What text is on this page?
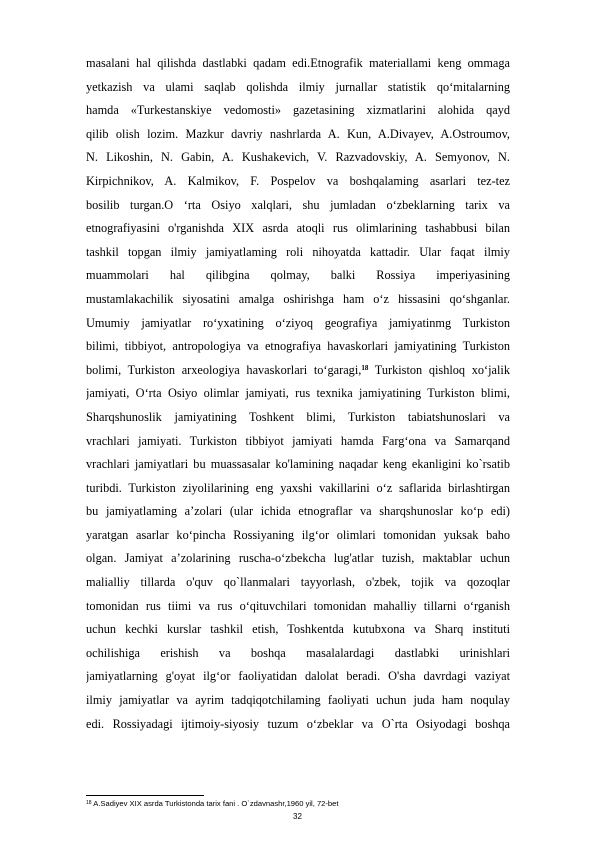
masalani hal qilishda dastlabki qadam edi.Etnografik materiallami keng ommaga
yetkazish va ulami saqlab qolishda ilmiy jurnallar statistik qo‘mitalarning
hamda «Turkestanskiye vedomosti» gazetasining xizmatlarini alohida qayd
qilib olish lozim. Mazkur davriy nashrlarda A. Kun, A.Divayev, A.Ostroumov,
N. Likoshin, N. Gabin, A. Kushakevich, V. Razvadovskiy, A. Semyonov, N.
Kirpichnikov, A. Kalmikov, F. Pospelov va boshqalaming asarlari tez-tez
bosilib turgan.O ‘rta Osiyo xalqlari, shu jumladan o‘zbeklarning tarix va
etnografiyasini o'rganishda XIX asrda atoqli rus olimlarining tashabbusi bilan
tashkil topgan ilmiy jamiyatlaming roli nihoyatda kattadir. Ular faqat ilmiy
muammolari hal qilibgina qolmay, balki Rossiya imperiyasining
mustamlakachilik siyosatini amalga oshirishga ham o‘z hissasini qo‘shganlar.
Umumiy jamiyatlar ro‘yxatining o‘ziyoq geografiya jamiyatinmg Turkiston
bilimi, tibbiyot, antropologiya va etnografiya havaskorlari jamiyatining Turkiston
bolimi, Turkiston arxeologiya havaskorlari to‘garagi,$^{18}$ Turkiston qishloq xo‘jalik
jamiyati, O‘rta Osiyo olimlar jamiyati, rus texnika jamiyatining Turkiston blimi,
Sharqshunoslik jamiyatining Toshkent blimi, Turkiston tabiatshunoslari va
vrachlari jamiyati. Turkiston tibbiyot jamiyati hamda Farg‘ona va Samarqand
vrachlari jamiyatlari bu muassasalar ko'lamining naqadar keng ekanligini ko`rsatib
turibdi. Turkiston ziyolilarining eng yaxshi vakillarini o‘z saflarida birlashtirgan
bu jamiyatlaming a’zolari (ular ichida etnograflar va sharqshunoslar ko‘p edi)
yaratgan asarlar ko‘pincha Rossiyaning ilg‘or olimlari tomonidan yuksak baho
olgan. Jamiyat a’zolarining ruscha-o‘zbekcha lug'atlar tuzish, maktablar uchun
malialliy tillarda o'quv qo`llanmalari tayyorlash, o'zbek, tojik va qozoqlar
tomonidan rus tiimi va rus o‘qituvchilari tomonidan mahalliy tillarni o‘rganish
uchun kechki kurslar tashkil etish, Toshkentda kutubxona va Sharq instituti
ochilishiga erishish va boshqa masalalardagi dastlabki urinishlari
jamiyatlarning g'oyat ilg‘or faoliyatidan dalolat beradi. O'sha davrdagi vaziyat
ilmiy jamiyatlar va ayrim tadqiqotchilaming faoliyati uchun juda ham noqulay
edi. Rossiyadagi ijtimoiy-siyosiy tuzum o‘zbeklar va O`rta Osiyodagi boshqa
$^{18}$ A.Sadiyev XIX asrda Turkistonda tarix fani . O`zdavnashr,1960 yil, 72-bet
32
